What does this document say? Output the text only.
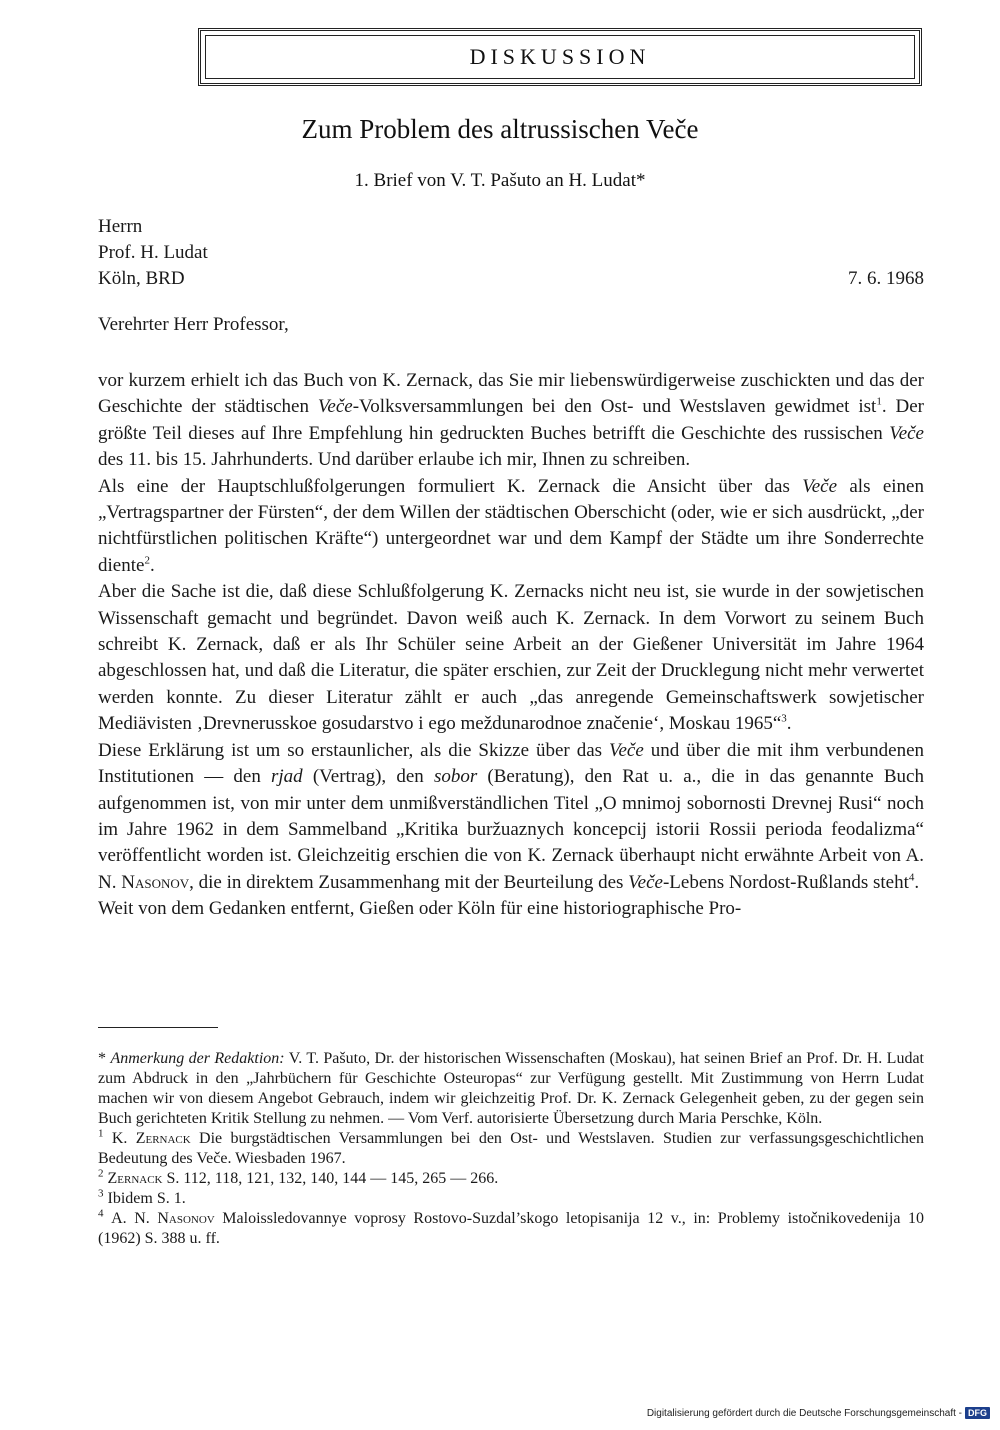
DISKUSSION
Zum Problem des altrussischen Veče
1. Brief von V. T. Pašuto an H. Ludat*
Herrn
Prof. H. Ludat
Köln, BRD	7. 6. 1968
Verehrter Herr Professor,

vor kurzem erhielt ich das Buch von K. Zernack, das Sie mir liebenswürdigerweise zuschickten und das der Geschichte der städtischen Veče-Volksversammlungen bei den Ost- und Westslaven gewidmet ist$^1$. Der größte Teil dieses auf Ihre Empfehlung hin gedruckten Buches betrifft die Geschichte des russischen Veče des 11. bis 15. Jahrhunderts. Und darüber erlaube ich mir, Ihnen zu schreiben.

Als eine der Hauptschlußfolgerungen formuliert K. Zernack die Ansicht über das Veče als einen „Vertragspartner der Fürsten“, der dem Willen der städtischen Oberschicht (oder, wie er sich ausdrückt, „der nichtfürstlichen politischen Kräfte“) untergeordnet war und dem Kampf der Städte um ihre Sonderrechte diente$^2$.

Aber die Sache ist die, daß diese Schlußfolgerung K. Zernacks nicht neu ist, sie wurde in der sowjetischen Wissenschaft gemacht und begründet. Davon weiß auch K. Zernack. In dem Vorwort zu seinem Buch schreibt K. Zernack, daß er als Ihr Schüler seine Arbeit an der Gießener Universität im Jahre 1964 abgeschlossen hat, und daß die Literatur, die später erschien, zur Zeit der Drucklegung nicht mehr verwertet werden konnte. Zu dieser Literatur zählt er auch „das anregende Gemeinschaftswerk sowjetischer Mediävisten ‚Drevnerusskoe gosudarstvo i ego meždunarodnoe značenie‘, Moskau 1965“$^3$.

Diese Erklärung ist um so erstaunlicher, als die Skizze über das Veče und über die mit ihm verbundenen Institutionen — den rjad (Vertrag), den sobor (Beratung), den Rat u. a., die in das genannte Buch aufgenommen ist, von mir unter dem unmißverständlichen Titel „O mnimoj sobornosti Drevnej Rusi“ noch im Jahre 1962 in dem Sammelband „Kritika buržuaznych koncepcij istorii Rossii perioda feodalizma“ veröffentlicht worden ist. Gleichzeitig erschien die von K. Zernack überhaupt nicht erwähnte Arbeit von A. N. Nasonov, die in direktem Zusammenhang mit der Beurteilung des Veče-Lebens Nordost-Rußlands steht$^4$.

Weit von dem Gedanken entfernt, Gießen oder Köln für eine historiographische Pro-

* Anmerkung der Redaktion: V. T. Pašuto, Dr. der historischen Wissenschaften (Moskau), hat seinen Brief an Prof. Dr. H. Ludat zum Abdruck in den „Jahrbüchern für Geschichte Osteuropas“ zur Verfügung gestellt. Mit Zustimmung von Herrn Ludat machen wir von diesem Angebot Gebrauch, indem wir gleichzeitig Prof. Dr. K. Zernack Gelegenheit geben, zu der gegen sein Buch gerichteten Kritik Stellung zu nehmen. — Vom Verf. autorisierte Übersetzung durch Maria Perschke, Köln.

$^1$ K. Zernack Die burgstädtischen Versammlungen bei den Ost- und Westslaven. Studien zur verfassungsgeschichtlichen Bedeutung des Veče. Wiesbaden 1967.

$^2$ Zernack S. 112, 118, 121, 132, 140, 144 — 145, 265 — 266.

$^3$ Ibidem S. 1.

$^4$ A. N. Nasonov Maloissledovannye voprosy Rostovo-Suzdal’skogo letopisanija 12 v., in: Problemy istočnikovedenija 10 (1962) S. 388 u. ff.

Digitalisierung gefördert durch die Deutsche Forschungsgemeinschaft - DFG
